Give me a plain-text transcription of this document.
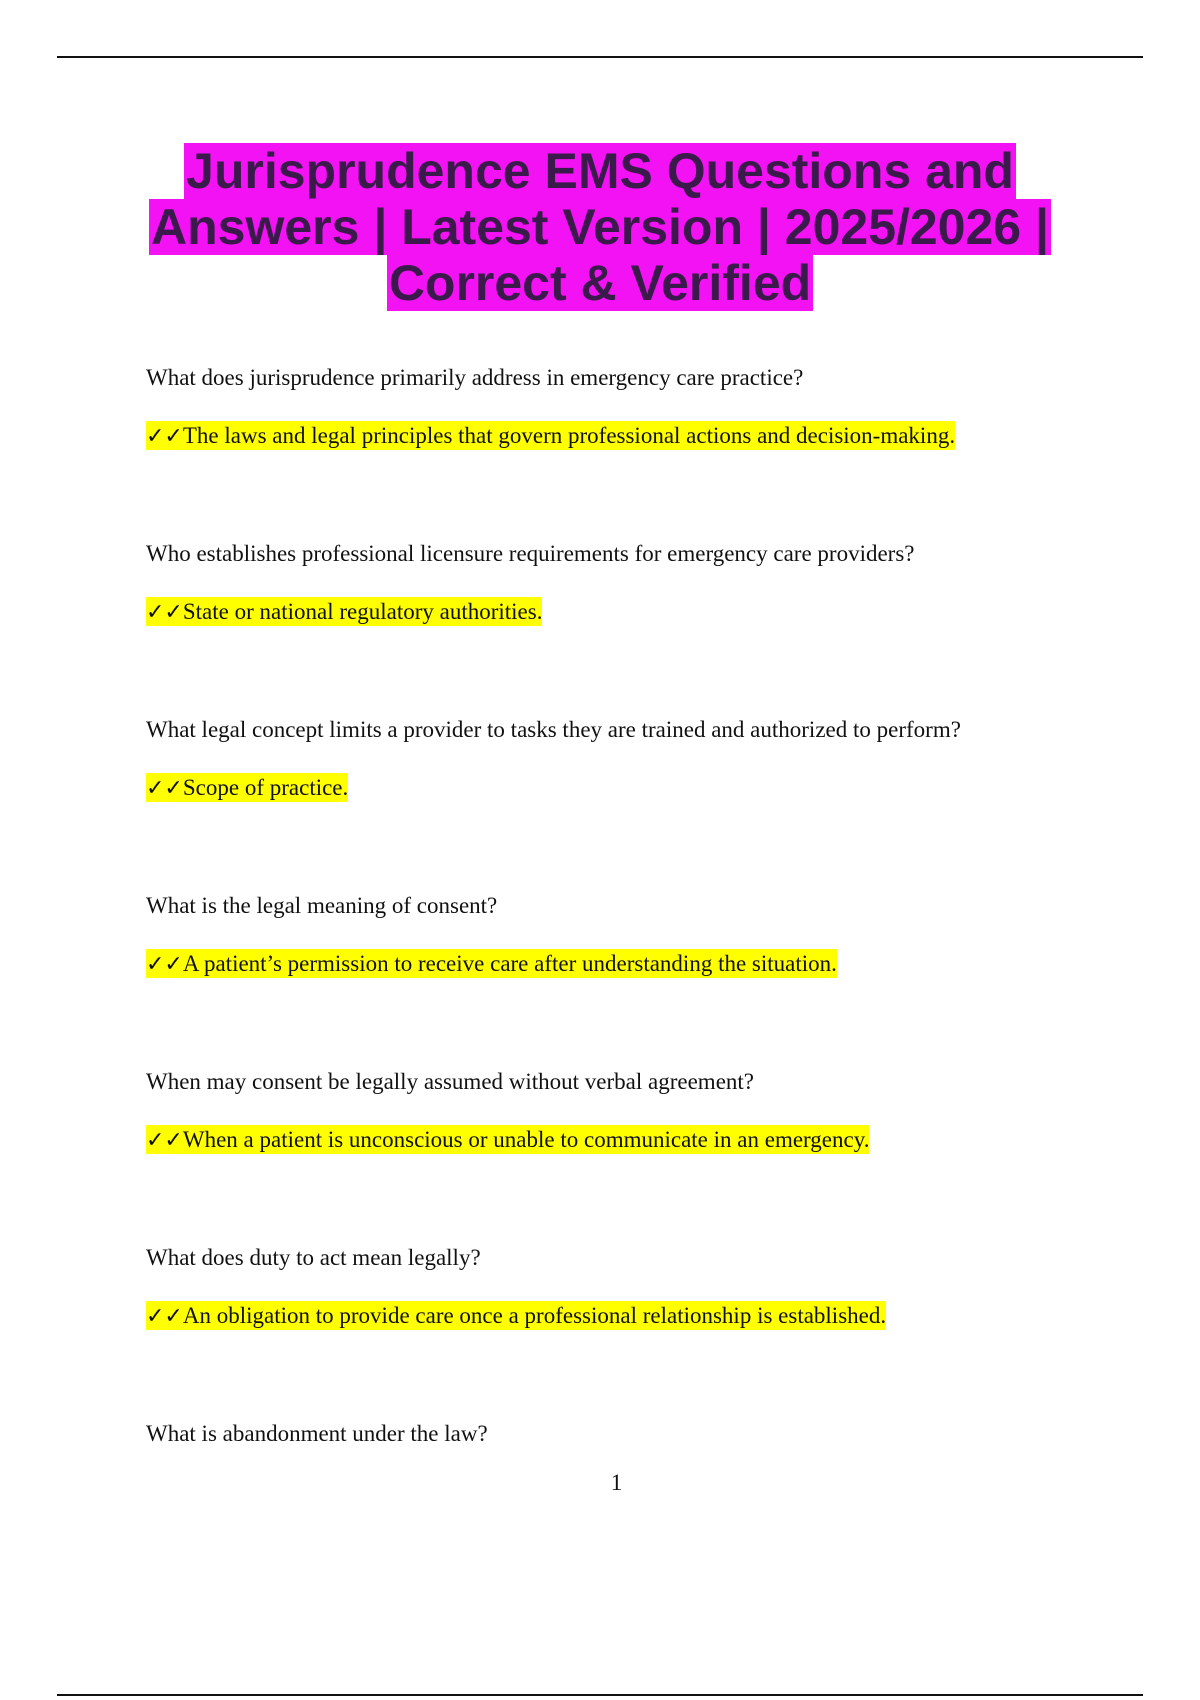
Jurisprudence EMS Questions and Answers | Latest Version | 2025/2026 | Correct & Verified
What does jurisprudence primarily address in emergency care practice?
✓✓The laws and legal principles that govern professional actions and decision-making.
Who establishes professional licensure requirements for emergency care providers?
✓✓State or national regulatory authorities.
What legal concept limits a provider to tasks they are trained and authorized to perform?
✓✓Scope of practice.
What is the legal meaning of consent?
✓✓A patient’s permission to receive care after understanding the situation.
When may consent be legally assumed without verbal agreement?
✓✓When a patient is unconscious or unable to communicate in an emergency.
What does duty to act mean legally?
✓✓An obligation to provide care once a professional relationship is established.
What is abandonment under the law?
1
